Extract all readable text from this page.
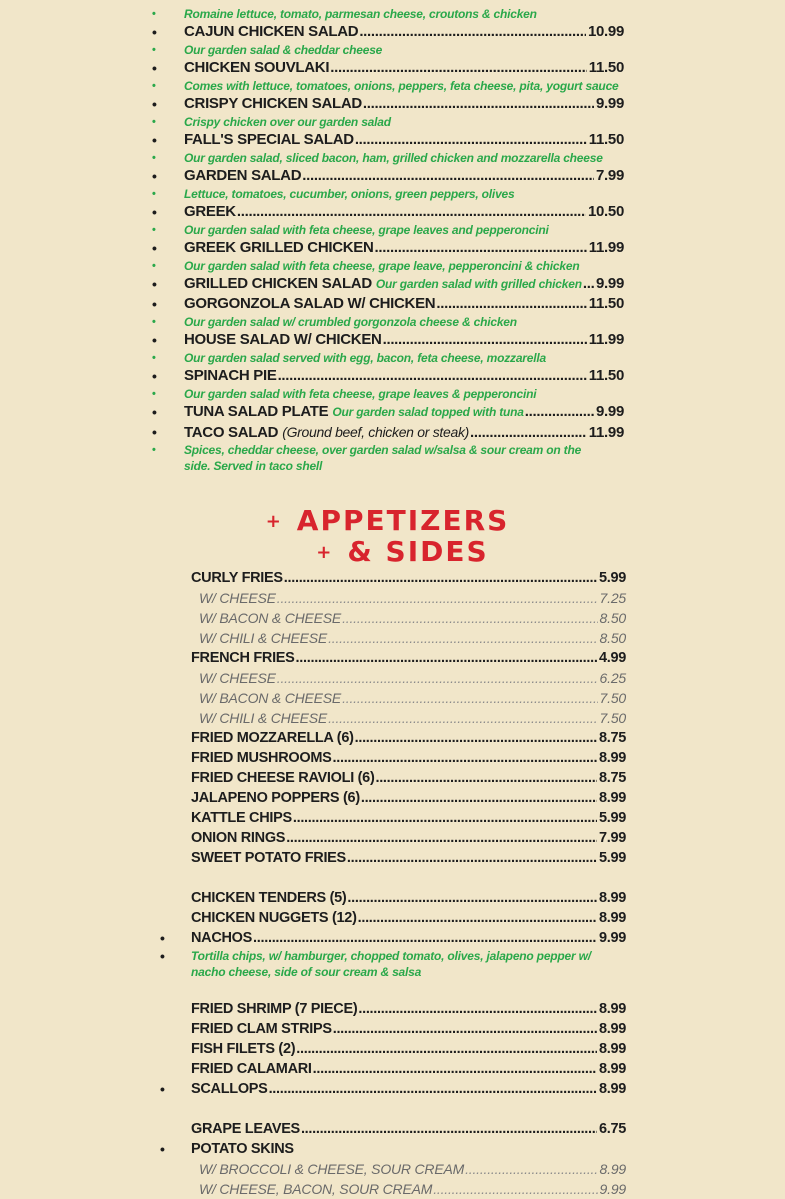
•	Romaine lettuce, tomato, parmesan cheese, croutons & chicken
•	CAJUN CHICKEN SALAD .....	10.99
•	Our garden salad & cheddar cheese
•	CHICKEN SOUVLAKI .....	11.50
•	Comes with lettuce, tomatoes, onions, peppers, feta cheese, pita, yogurt sauce
•	CRISPY CHICKEN SALAD .....	9.99
•	Crispy chicken over our garden salad
•	FALL'S SPECIAL SALAD .....	11.50
•	Our garden salad, sliced bacon, ham, grilled chicken and mozzarella cheese
•	GARDEN SALAD .....	7.99
•	Lettuce, tomatoes, cucumber, onions, green peppers, olives
•	GREEK .....	10.50
•	Our garden salad with feta cheese, grape leaves and pepperoncini
•	GREEK GRILLED CHICKEN .....	11.99
•	Our garden salad with feta cheese, grape leave, pepperoncini & chicken
•	GRILLED CHICKEN SALAD Our garden salad with grilled chicken ..... 9.99
•	GORGONZOLA SALAD W/ CHICKEN .....	11.50
•	Our garden salad w/ crumbled gorgonzola cheese & chicken
•	HOUSE SALAD W/ CHICKEN .....	11.99
•	Our garden salad served with egg, bacon, feta cheese, mozzarella
•	SPINACH PIE .....	11.50
•	Our garden salad with feta cheese, grape leaves & pepperoncini
•	TUNA SALAD PLATE Our garden salad topped with tuna .....	9.99
•	TACO SALAD (Ground beef, chicken or steak) .....	11.99
•	Spices, cheddar cheese, over garden salad w/salsa & sour cream on the side. Served in taco shell
+ APPETIZERS
+ & SIDES
CURLY FRIES .....	5.99
W/ CHEESE .....	7.25
W/ BACON & CHEESE .....	8.50
W/ CHILI & CHEESE .....	8.50
FRENCH FRIES .....	4.99
W/ CHEESE .....	6.25
W/ BACON & CHEESE .....	7.50
W/ CHILI & CHEESE .....	7.50
FRIED MOZZARELLA (6) .....	8.75
FRIED MUSHROOMS .....	8.99
FRIED CHEESE RAVIOLI (6) .....	8.75
JALAPENO POPPERS (6) .....	8.99
KATTLE CHIPS .....	5.99
ONION RINGS .....	7.99
SWEET POTATO FRIES .....	5.99
CHICKEN TENDERS (5) .....	8.99
CHICKEN NUGGETS (12) .....	8.99
•	NACHOS .....	9.99
•	Tortilla chips, w/ hamburger, chopped tomato, olives, jalapeno pepper w/ nacho cheese, side of sour cream & salsa
FRIED SHRIMP (7 PIECE) .....	8.99
FRIED CLAM STRIPS .....	8.99
FISH FILETS (2) .....	8.99
FRIED CALAMARI .....	8.99
•	SCALLOPS .....	8.99
GRAPE LEAVES .....	6.75
•	POTATO SKINS
W/ BROCCOLI & CHEESE, SOUR CREAM .....	8.99
W/ CHEESE, BACON, SOUR CREAM .....	9.99
